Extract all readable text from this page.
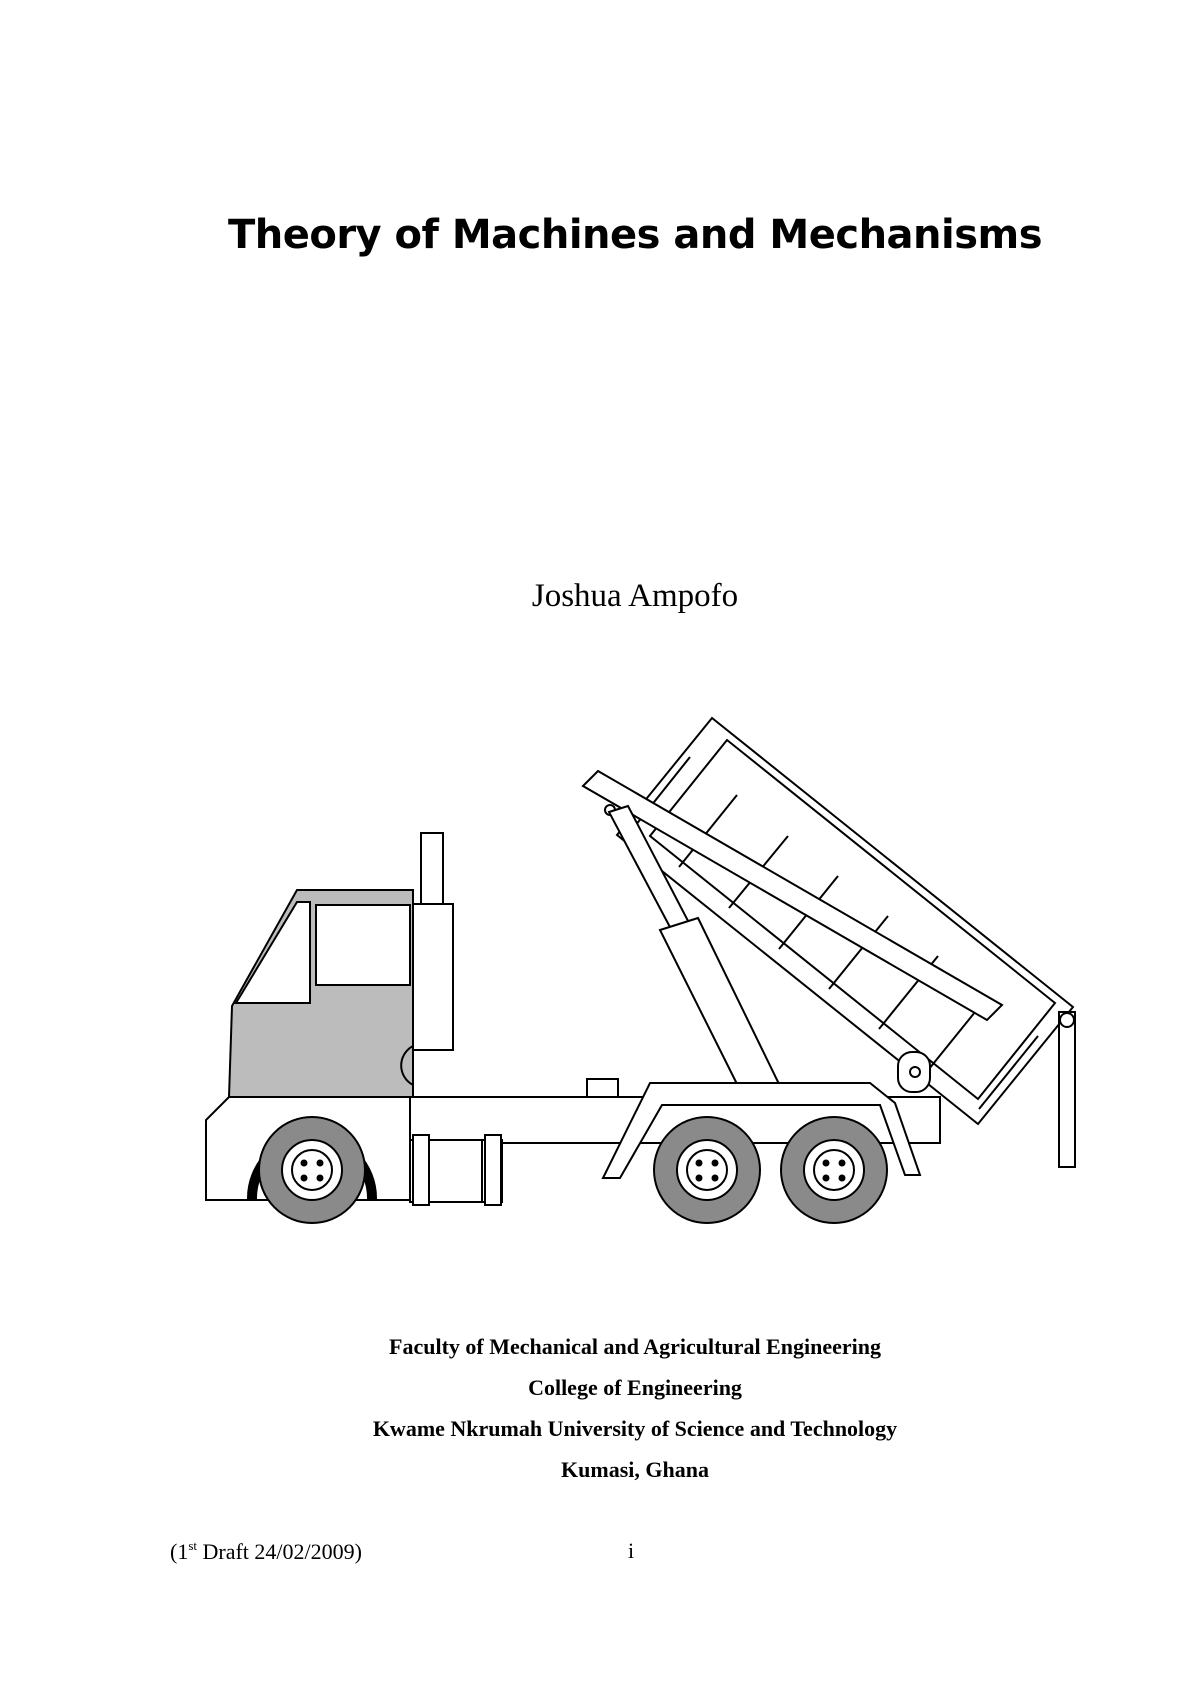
Theory of Machines and Mechanisms
Joshua Ampofo
Faculty of Mechanical and Agricultural Engineering
College of Engineering
Kwame Nkrumah University of Science and Technology
Kumasi, Ghana
(1st Draft 24/02/2009)	i
